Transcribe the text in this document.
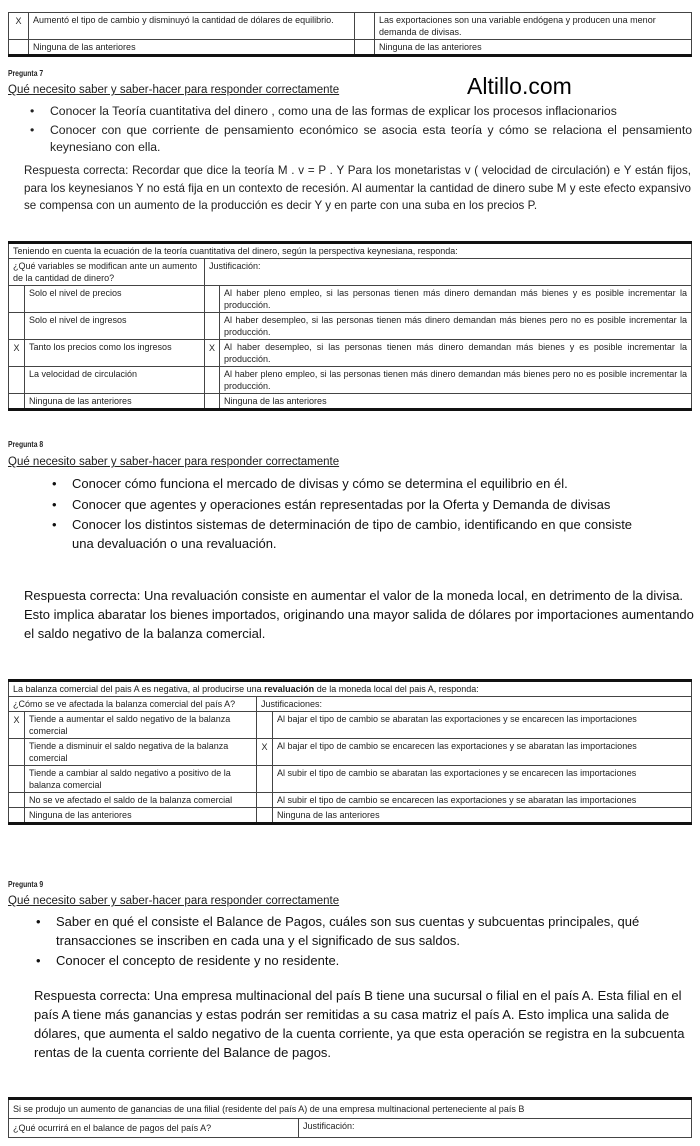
X	Aumentó el tipo de cambio y disminuyó la cantidad de dólares de equilibrio.		Las exportaciones son una variable endógena y producen una menor demanda de divisas.
	Ninguna de las anteriores		Ninguna de las anteriores
Pregunta 7
Qué necesito saber y saber-hacer para responder correctamente	Altillo.com
• Conocer la Teoría cuantitativa del dinero , como una de las formas de explicar los procesos inflacionarios
• Conocer con que corriente de pensamiento económico se asocia esta teoría y cómo se relaciona el pensamiento keynesiano con ella.
Respuesta correcta: Recordar que dice la teoría M . v = P . Y Para los monetaristas v ( velocidad de circulación) e Y están fijos, para los keynesianos Y no está fija en un contexto de recesión. Al aumentar la cantidad de dinero sube M y este efecto expansivo se compensa con un aumento de la producción es decir Y y en parte con una suba en los precios P.
Teniendo en cuenta la ecuación de la teoría cuantitativa del dinero, según la perspectiva keynesiana, responda:			
¿Qué variables se modifican ante un aumento de la cantidad de dinero?		Justificación:	
	Solo el nivel de precios		Al haber pleno empleo, si las personas tienen más dinero demandan más bienes y es posible incrementar la producción.
	Solo el nivel de ingresos		Al haber desempleo, si las personas tienen más dinero demandan más bienes pero no es posible incrementar la producción.
X	Tanto los precios como los ingresos	X	Al haber desempleo, si las personas tienen más dinero demandan más bienes y es posible incrementar la producción.
	La velocidad de circulación		Al haber pleno empleo, si las personas tienen más dinero demandan más bienes pero no es posible incrementar la producción.
	Ninguna de las anteriores		Ninguna de las anteriores
Pregunta 8
Qué necesito saber y saber-hacer para responder correctamente
• Conocer cómo funciona el mercado de divisas y cómo se determina el equilibrio en él.
• Conocer que agentes y operaciones están representadas por la Oferta y Demanda de divisas
• Conocer los distintos sistemas de determinación de tipo de cambio, identificando en que consiste una devaluación o una revaluación.
Respuesta correcta: Una revaluación consiste en aumentar el valor de la moneda local, en detrimento de la divisa. Esto implica abaratar los bienes importados, originando una mayor salida de dólares por importaciones aumentando el saldo negativo de la balanza comercial.
La balanza comercial del pais A es negativa, al producirse una revaluación de la moneda local del pais A, responda:			
¿Cómo se ve afectada la balanza comercial del país A?		Justificaciones:	
X	Tiende a aumentar el saldo negativo de la balanza comercial		Al bajar el tipo de cambio se abaratan las exportaciones y se encarecen las importaciones
	Tiende a disminuir el saldo negativa de la balanza comercial	X	Al bajar el tipo de cambio se encarecen las exportaciones y se abaratan las importaciones
	Tiende a cambiar al saldo negativo a positivo de la balanza comercial		Al subir el tipo de cambio se abaratan las exportaciones y se encarecen las importaciones
	No se ve afectado el saldo de la balanza comercial		Al subir el tipo de cambio se encarecen las exportaciones y se abaratan las importaciones
	Ninguna de las anteriores		Ninguna de las anteriores
Pregunta 9
Qué necesito saber y saber-hacer para responder correctamente
• Saber en qué el consiste el Balance de Pagos, cuáles son sus cuentas y subcuentas principales, qué transacciones se inscriben en cada una y el significado de sus saldos.
• Conocer el concepto de residente y no residente.
Respuesta correcta: Una empresa multinacional del país B tiene una sucursal o filial en el país A. Esta filial en el país A tiene más ganancias y estas podrán ser remitidas a su casa matriz el país A. Esto implica una salida de dólares, que aumenta el saldo negativo de la cuenta corriente, ya que esta operación se registra en la subcuenta rentas de la cuenta corriente del Balance de pagos.
Si se produjo un aumento de ganancias de una filial (residente del país A) de una empresa multinacional perteneciente al país B
¿Qué ocurrirá en el balance de pagos del país A?	Justificación:
